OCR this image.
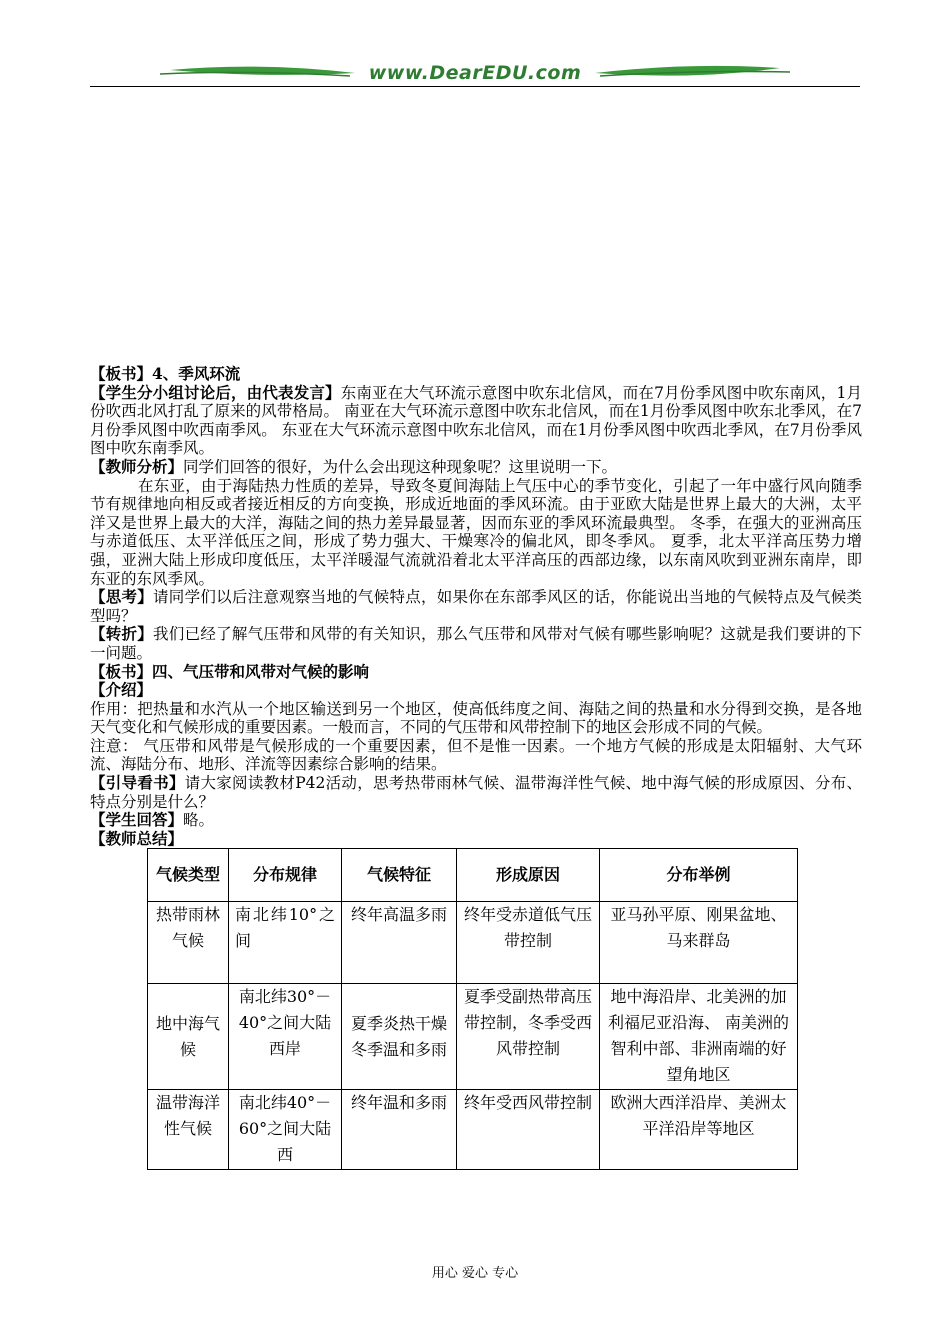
www.DearEDU.com

【板书】4、季风环流

【学生分小组讨论后，由代表发言】东南亚在大气环流示意图中吹东北信风，而在7月份季风图中吹东南风，1月份吹西北风打乱了原来的风带格局。 南亚在大气环流示意图中吹东北信风，而在1月份季风图中吹东北季风，在7月份季风图中吹西南季风。 东亚在大气环流示意图中吹东北信风，而在1月份季风图中吹西北季风，在7月份季风图中吹东南季风。

【教师分析】同学们回答的很好，为什么会出现这种现象呢？这里说明一下。

在东亚，由于海陆热力性质的差异，导致冬夏间海陆上气压中心的季节变化，引起了一年中盛行风向随季节有规律地向相反或者接近相反的方向变换，形成近地面的季风环流。由于亚欧大陆是世界上最大的大洲，太平洋又是世界上最大的大洋，海陆之间的热力差异最显著，因而东亚的季风环流最典型。 冬季，在强大的亚洲高压与赤道低压、太平洋低压之间，形成了势力强大、干燥寒冷的偏北风，即冬季风。 夏季，北太平洋高压势力增强，亚洲大陆上形成印度低压，太平洋暖湿气流就沿着北太平洋高压的西部边缘，以东南风吹到亚洲东南岸，即东亚的东风季风。

【思考】请同学们以后注意观察当地的气候特点，如果你在东部季风区的话，你能说出当地的气候特点及气候类型吗？

【转折】我们已经了解气压带和风带的有关知识，那么气压带和风带对气候有哪些影响呢？这就是我们要讲的下一问题。

【板书】四、气压带和风带对气候的影响

【介绍】

作用：把热量和水汽从一个地区输送到另一个地区，使高低纬度之间、海陆之间的热量和水分得到交换，是各地天气变化和气候形成的重要因素。一般而言，不同的气压带和风带控制下的地区会形成不同的气候。

注意： 气压带和风带是气候形成的一个重要因素，但不是惟一因素。一个地方气候的形成是太阳辐射、大气环流、海陆分布、地形、洋流等因素综合影响的结果。

【引导看书】请大家阅读教材P42活动，思考热带雨林气候、温带海洋性气候、地中海气候的形成原因、分布、特点分别是什么？

【学生回答】略。

【教师总结】

气候类型	分布规律	气候特征	形成原因	分布举例
热带雨林气候	南北纬10°之间	终年高温多雨	终年受赤道低气压带控制	亚马孙平原、刚果盆地、马来群岛
地中海气候	南北纬30°－40°之间大陆西岸	夏季炎热干燥冬季温和多雨	夏季受副热带高压带控制，冬季受西风带控制	地中海沿岸、北美洲的加利福尼亚沿海、 南美洲的智利中部、非洲南端的好望角地区
温带海洋性气候	南北纬40°－60°之间大陆西	终年温和多雨	终年受西风带控制	欧洲大西洋沿岸、美洲太平洋沿岸等地区
用心 爱心 专心
